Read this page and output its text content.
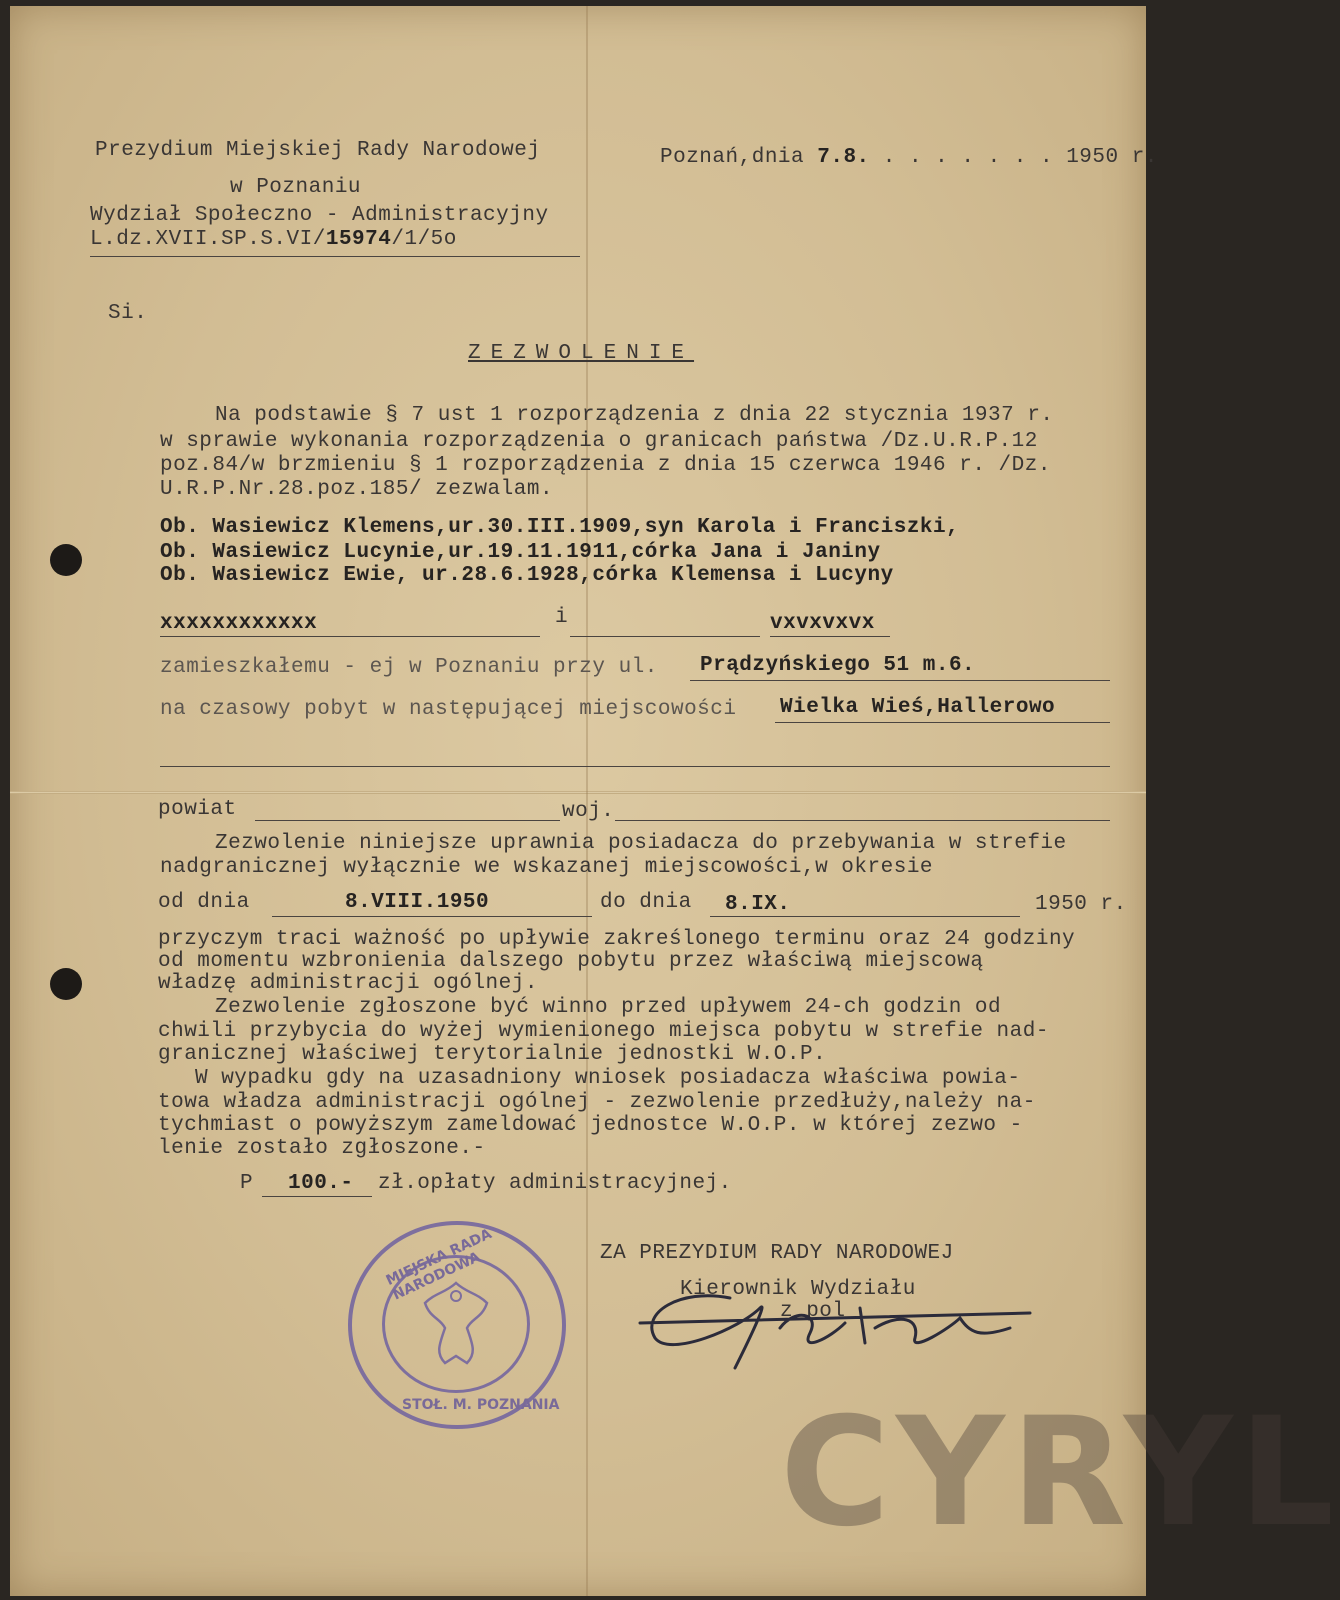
Prezydium Miejskiej Rady Narodowej
w Poznaniu
Wydział Społeczno - Administracyjny
L.dz.XVII.SP.S.VI/15974/1/5o
Poznań,dnia 7.8. . . . . . . . 1950 r.
Si.
ZEZWOLENIE
Na podstawie § 7 ust 1 rozporządzenia z dnia 22 stycznia 1937 r.
w sprawie wykonania rozporządzenia o granicach państwa /Dz.U.R.P.12
poz.84/w brzmieniu § 1 rozporządzenia z dnia 15 czerwca 1946 r. /Dz.
U.R.P.Nr.28.poz.185/ zezwalam.
Ob. Wasiewicz Klemens,ur.30.III.1909,syn Karola i Franciszki,
Ob. Wasiewicz Lucynie,ur.19.11.1911,córka Jana i Janiny
Ob. Wasiewicz Ewie, ur.28.6.1928,córka Klemensa i Lucyny
xxxxxxxxxxxx	i	vxvxvxvx
zamieszkałemu - ej w Poznaniu przy ul. Prądzyńskiego 51 m.6.
na czasowy pobyt w następującej miejscowości Wielka Wieś,Hallerowo
powiat	woj.
Zezwolenie niniejsze uprawnia posiadacza do przebywania w strefie
nadgranicznej wyłącznie we wskazanej miejscowości,w okresie
od dnia	8.VIII.1950	do dnia 8.IX.	1950 r.
przyczym traci ważność po upływie zakreślonego terminu oraz 24 godziny
od momentu wzbronienia dalszego pobytu przez właściwą miejscową
władzę administracji ogólnej.
Zezwolenie zgłoszone być winno przed upływem 24-ch godzin od
chwili przybycia do wyżej wymienionego miejsca pobytu w strefie nad-
granicznej właściwej terytorialnie jednostki W.O.P.
W wypadku gdy na uzasadniony wniosek posiadacza właściwa powia-
towa władza administracji ogólnej - zezwolenie przedłuży,należy na-
tychmiast o powyższym zameldować jednostce W.O.P. w której zezwo -
lenie zostało zgłoszone.-
P 100.- zł.opłaty administracyjnej.
ZA PREZYDIUM RADY NARODOWEJ
Kierownik Wydziału
z pol
MIEJSKA RADA NARODOWA
STOŁ. M. POZNANIA CYRYL
